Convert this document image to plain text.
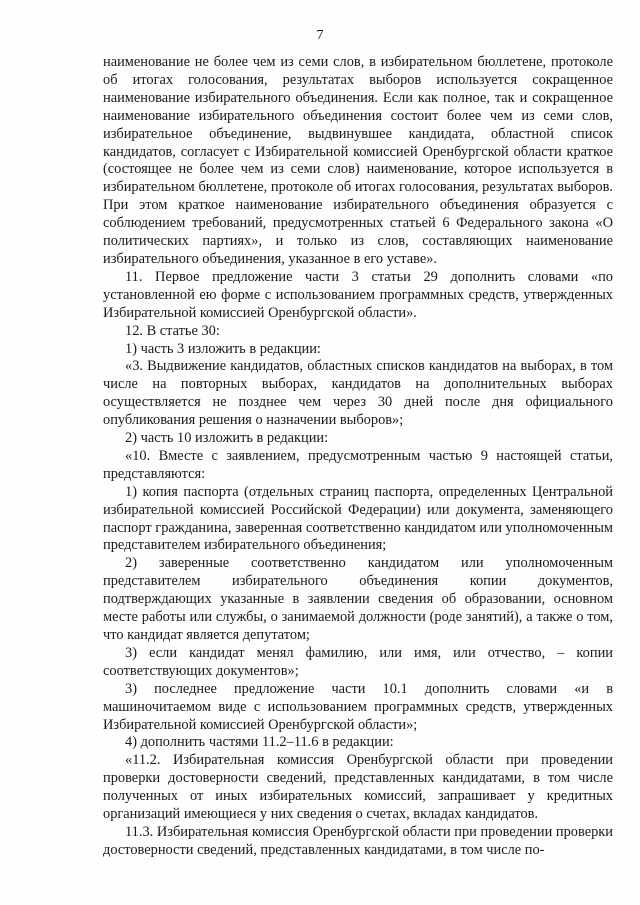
7

наименование не более чем из семи слов, в избирательном бюллетене, протоколе об итогах голосования, результатах выборов используется сокращенное наименование избирательного объединения. Если как полное, так и сокращенное наименование избирательного объединения состоит более чем из семи слов, избирательное объединение, выдвинувшее кандидата, областной список кандидатов, согласует с Избирательной комиссией Оренбургской области краткое (состоящее не более чем из семи слов) наименование, которое используется в избирательном бюллетене, протоколе об итогах голосования, результатах выборов. При этом краткое наименование избирательного объединения образуется с соблюдением требований, предусмотренных статьей 6 Федерального закона «О политических партиях», и только из слов, составляющих наименование избирательного объединения, указанное в его уставе».

11. Первое предложение части 3 статьи 29 дополнить словами «по установленной ею форме с использованием программных средств, утвержденных Избирательной комиссией Оренбургской области».

12. В статье 30:

1) часть 3 изложить в редакции:

«3. Выдвижение кандидатов, областных списков кандидатов на выборах, в том числе на повторных выборах, кандидатов на дополнительных выборах осуществляется не позднее чем через 30 дней после дня официального опубликования решения о назначении выборов»;

2) часть 10 изложить в редакции:

«10. Вместе с заявлением, предусмотренным частью 9 настоящей статьи, представляются:

1) копия паспорта (отдельных страниц паспорта, определенных Центральной избирательной комиссией Российской Федерации) или документа, заменяющего паспорт гражданина, заверенная соответственно кандидатом или уполномоченным представителем избирательного объединения;

2) заверенные соответственно кандидатом или уполномоченным представителем избирательного объединения копии документов, подтверждающих указанные в заявлении сведения об образовании, основном месте работы или службы, о занимаемой должности (роде занятий), а также о том, что кандидат является депутатом;

3) если кандидат менял фамилию, или имя, или отчество, – копии соответствующих документов»;

3) последнее предложение части 10.1 дополнить словами «и в машиночитаемом виде с использованием программных средств, утвержденных Избирательной комиссией Оренбургской области»;

4) дополнить частями 11.2–11.6 в редакции:

«11.2. Избирательная комиссия Оренбургской области при проведении проверки достоверности сведений, представленных кандидатами, в том числе полученных от иных избирательных комиссий, запрашивает у кредитных организаций имеющиеся у них сведения о счетах, вкладах кандидатов.

11.3. Избирательная комиссия Оренбургской области при проведении проверки достоверности сведений, представленных кандидатами, в том числе по-
